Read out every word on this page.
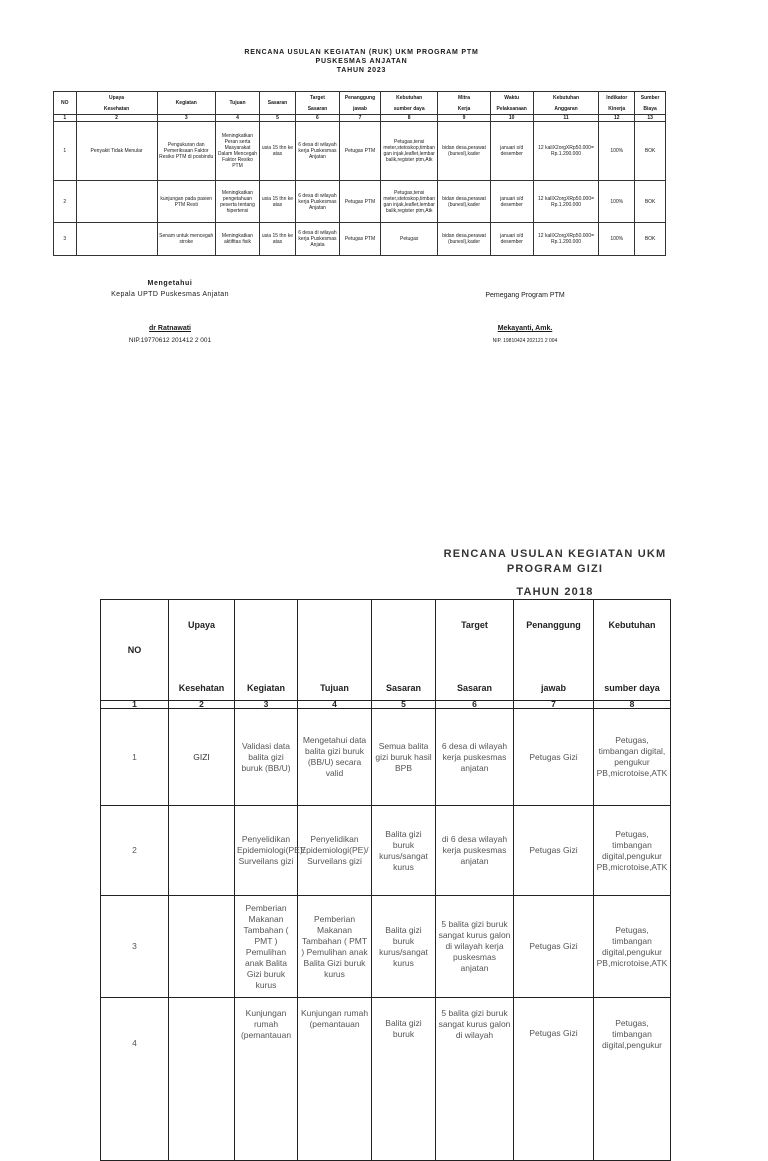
RENCANA USULAN KEGIATAN (RUK) UKM PROGRAM PTM
PUSKESMAS ANJATAN
TAHUN 2023
NO	Upaya	Kegiatan	Tujuan	Sasaran	Target	Penanggung	Kebutuhan	Mitra	Waktu	Kebutuhan	Indikator	Sumber
	Kesehatan				Sasaran	jawab	sumber daya	Kerja	Pelaksanaan	Anggaran	Kinerja	Biaya
1	2	3	4	5	6	7	8	9	10	11	12	13
1	Penyakit Tidak Menular	Pengukuran dan Pemeriksaan Faktor Resiko PTM di posbindu	Meningkatkan Peran serta Masyarakat Dalam Mencegah Faktor Resiko PTM	usia 15 thn ke atas	6 desa di wilayah kerja Puskesmas Anjatan	Petugas PTM	Petugas,tensi meter,stetoskop,timbangan injak,leaflet,lembar balik,register ptm,Atk	bidan desa,perawat (bunesl),kader	januari s/d desember	12 kaliX2orgXRp50.000= Rp.1.200.000	100%	BOK
2		kunjungan pada pasien PTM Resti	Meningkatkan pengetahuan peserta tentang hipertensi	usia 15 thn ke atas	6 desa di wilayah kerja Puskesmas Anjatan	Petugas PTM	Petugas,tensi meter,stetoskop,timbangan injak,leaflet,lembar balik,register ptm,Atk	bidan desa,perawat (bunesl),kader	januari s/d desember	12 kalIX2orgXRp50.000= Rp.1.200.000	100%	BOK
3		Senam untuk mencegah stroke	Meningkatkan aktifitas fisik	usia 15 thn ke atas	6 desa di wilayah kerja Puskesmas Anjata	Petugas PTM	Petugas	bidan desa,perawat (bunesl),kader	januari s/d desember	12 kalIX2orgXRp50.000= Rp.1.200.000	100%	BOK
Mengetahui
Kepala UPTD Puskesmas Anjatan
dr Ratnawati
NIP.19770612 201412 2 001
Pemegang Program PTM
Mekayanti, Amk.
NIP. 19810424 202121 2 004
RENCANA USULAN KEGIATAN UKM
PROGRAM GIZI
TAHUN 2018
NO	Upaya	Kegiatan	Tujuan	Sasaran	Target	Penanggung	Kebutuhan
	Kesehatan				Sasaran	jawab	sumber daya
1	2	3	4	5	6	7	8
1	GIZI	Validasi data balita gizi buruk (BB/U)	Mengetahui data balita gizi buruk (BB/U) secara valid	Semua balita gizi buruk hasil BPB	6 desa di wilayah kerja puskesmas anjatan	Petugas Gizi	Petugas, timbangan digital, pengukur PB,microtoise,ATK
2		Penyelidikan Epidemiologi(PE)/ Surveilans gizi	Penyelidikan Epidemiologi(PE)/ Surveilans gizi	Balita gizi buruk kurus/sangat kurus	di 6 desa wilayah kerja puskesmas anjatan	Petugas Gizi	Petugas, timbangan digital,pengukur PB,microtoise,ATK
3		Pemberian Makanan Tambahan ( PMT ) Pemulihan anak Balita Gizi buruk kurus	Pemberian Makanan Tambahan ( PMT ) Pemulihan anak Balita Gizi buruk kurus	Balita gizi buruk kurus/sangat kurus	5 balita gizi buruk sangat kurus galon di wilayah kerja puskesmas anjatan	Petugas Gizi	Petugas, timbangan digital,pengukur PB,microtoise,ATK
4		Kunjungan rumah (pemantauan	Kunjungan rumah (pemantauan	Balita gizi buruk	5 balita gizi buruk sangat kurus galon di wilayah	Petugas Gizi	Petugas, timbangan digital,pengukur
